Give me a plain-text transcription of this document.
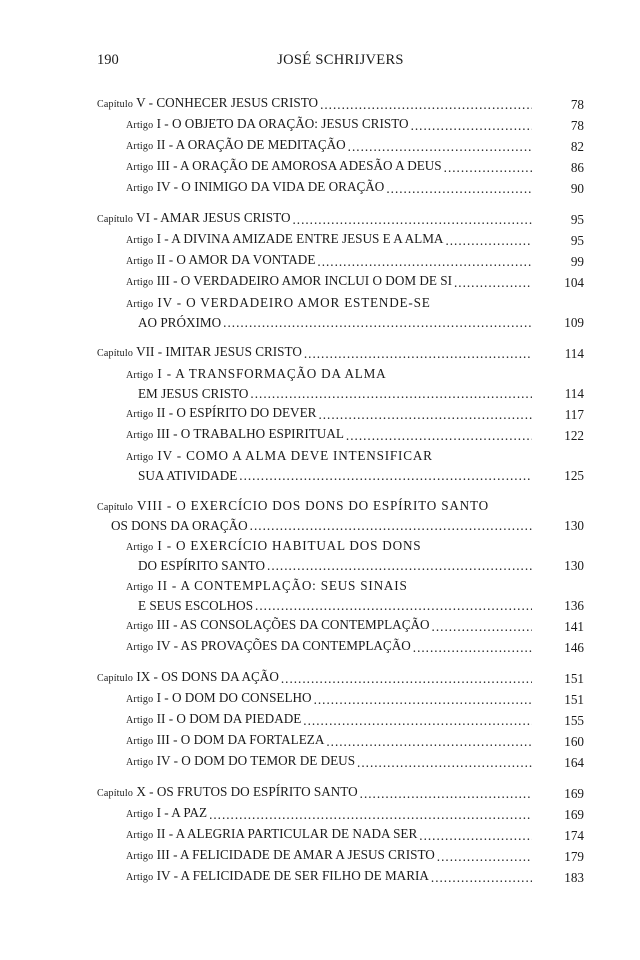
190	JOSÉ SCHRIJVERS
Capítulo V - CONHECER JESUS CRISTO .....	78
Artigo I - O OBJETO DA ORAÇÃO: JESUS CRISTO .....	78
Artigo II - A ORAÇÃO DE MEDITAÇÃO .....	82
Artigo III - A ORAÇÃO DE AMOROSA ADESÃO A DEUS .....	86
Artigo IV - O INIMIGO DA VIDA DE ORAÇÃO .....	90
Capítulo VI - AMAR JESUS CRISTO .....	95
Artigo I - A DIVINA AMIZADE ENTRE JESUS E A ALMA .....	95
Artigo II - O AMOR DA VONTADE .....	99
Artigo III - O VERDADEIRO AMOR INCLUI O DOM DE SI .....	104
Artigo IV - O VERDADEIRO AMOR ESTENDE-SE
AO PRÓXIMO .....	109
Capítulo VII - IMITAR JESUS CRISTO .....	114
Artigo I - A TRANSFORMAÇÃO DA ALMA
EM JESUS CRISTO .....	114
Artigo II - O ESPÍRITO DO DEVER .....	117
Artigo III - O TRABALHO ESPIRITUAL .....	122
Artigo IV - COMO A ALMA DEVE INTENSIFICAR
SUA ATIVIDADE .....	125
Capítulo VIII - O EXERCÍCIO DOS DONS DO ESPÍRITO SANTO
OS DONS DA ORAÇÃO .....	130
Artigo I - O EXERCÍCIO HABITUAL DOS DONS
DO ESPÍRITO SANTO .....	130
Artigo II - A CONTEMPLAÇÃO: SEUS SINAIS
E SEUS ESCOLHOS .....	136
Artigo III - AS CONSOLAÇÕES DA CONTEMPLAÇÃO .....	141
Artigo IV - AS PROVAÇÕES DA CONTEMPLAÇÃO .....	146
Capítulo IX - OS DONS DA AÇÃO .....	151
Artigo I - O DOM DO CONSELHO .....	151
Artigo II - O DOM DA PIEDADE .....	155
Artigo III - O DOM DA FORTALEZA .....	160
Artigo IV - O DOM DO TEMOR DE DEUS .....	164
Capítulo X - OS FRUTOS DO ESPÍRITO SANTO .....	169
Artigo I - A PAZ .....	169
Artigo II - A ALEGRIA PARTICULAR DE NADA SER .....	174
Artigo III - A FELICIDADE DE AMAR A JESUS CRISTO .....	179
Artigo IV - A FELICIDADE DE SER FILHO DE MARIA .....	183
